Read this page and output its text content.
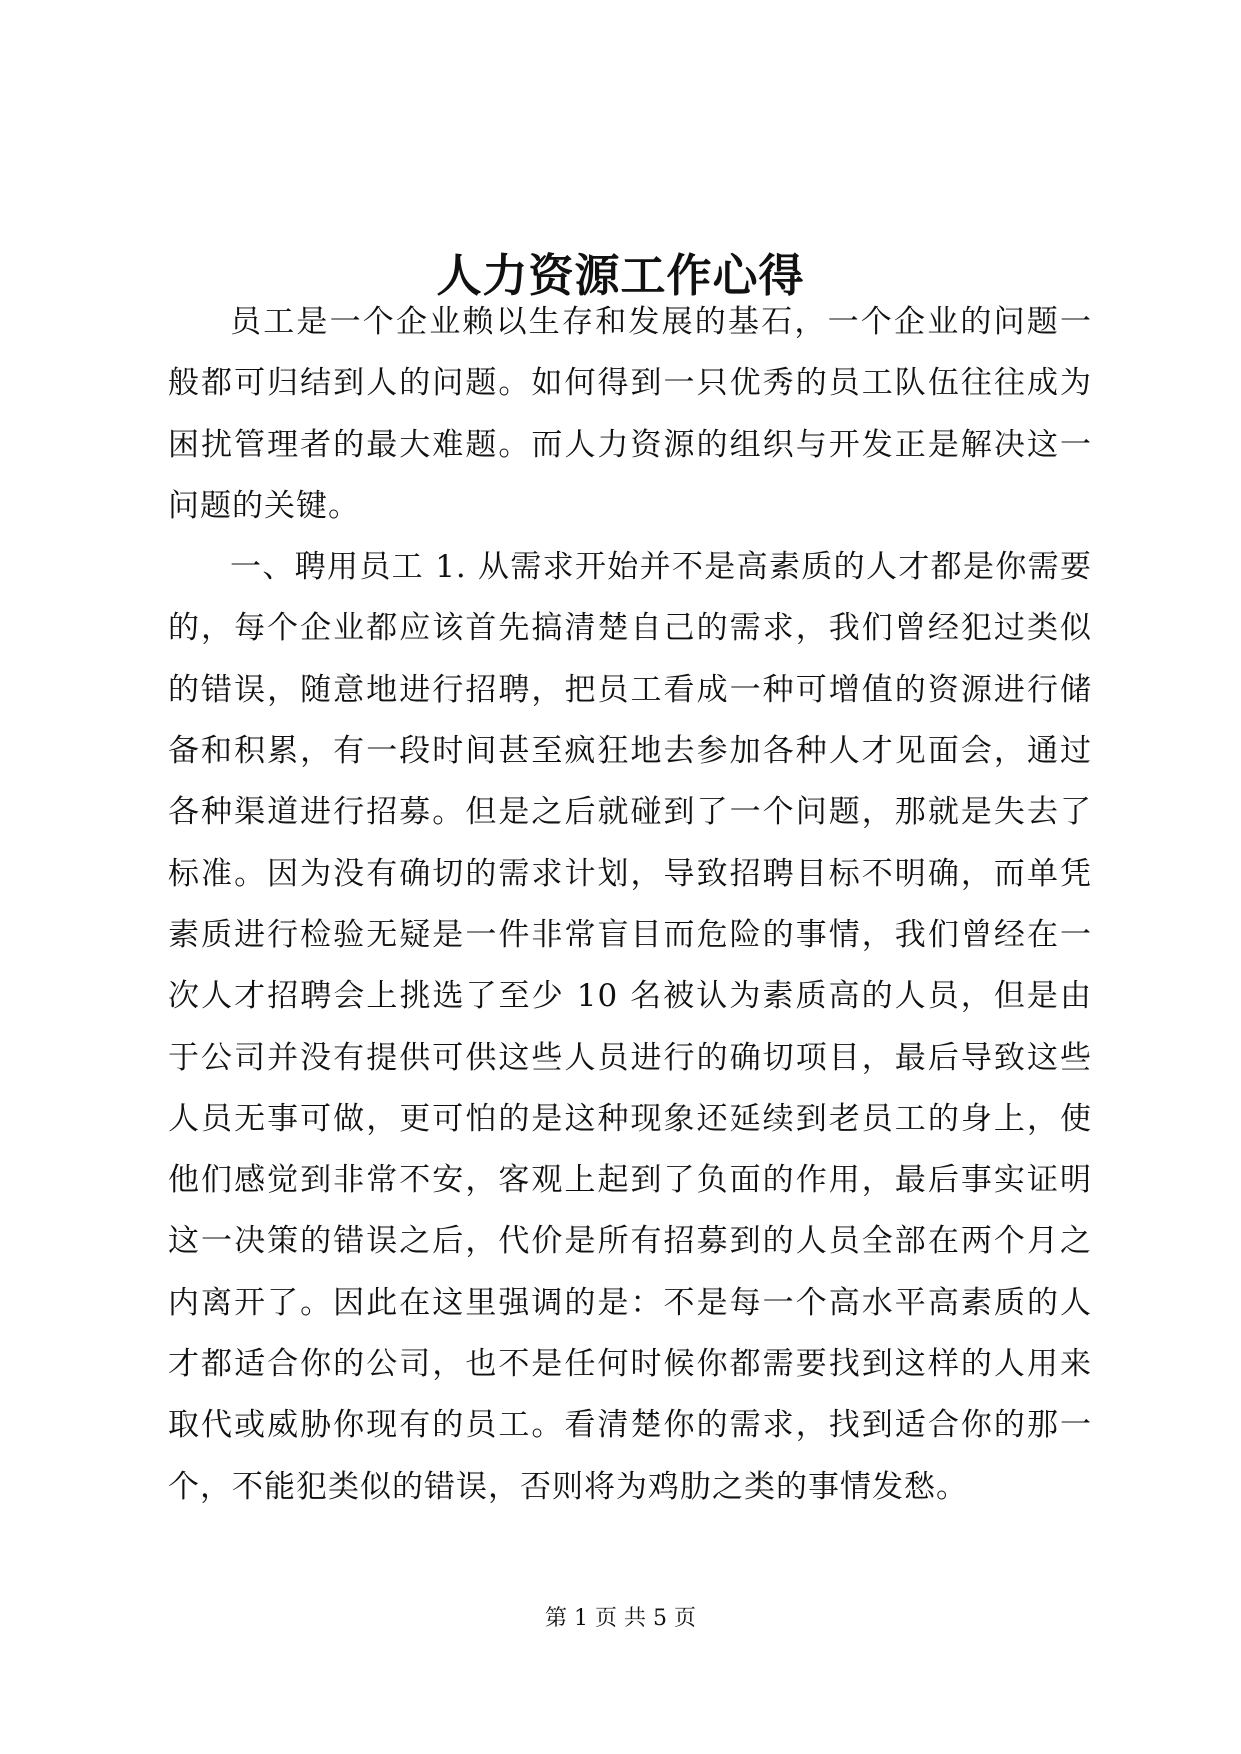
人力资源工作心得

员工是一个企业赖以生存和发展的基石，一个企业的问题一般都可归结到人的问题。如何得到一只优秀的员工队伍往往成为困扰管理者的最大难题。而人力资源的组织与开发正是解决这一问题的关键。

一、聘用员工 1. 从需求开始并不是高素质的人才都是你需要的，每个企业都应该首先搞清楚自己的需求，我们曾经犯过类似的错误，随意地进行招聘，把员工看成一种可增值的资源进行储备和积累，有一段时间甚至疯狂地去参加各种人才见面会，通过各种渠道进行招募。但是之后就碰到了一个问题，那就是失去了标准。因为没有确切的需求计划，导致招聘目标不明确，而单凭素质进行检验无疑是一件非常盲目而危险的事情，我们曾经在一次人才招聘会上挑选了至少 10 名被认为素质高的人员，但是由于公司并没有提供可供这些人员进行的确切项目，最后导致这些人员无事可做，更可怕的是这种现象还延续到老员工的身上，使他们感觉到非常不安，客观上起到了负面的作用，最后事实证明这一决策的错误之后，代价是所有招募到的人员全部在两个月之内离开了。因此在这里强调的是：不是每一个高水平高素质的人才都适合你的公司，也不是任何时候你都需要找到这样的人用来取代或威胁你现有的员工。看清楚你的需求，找到适合你的那一个，不能犯类似的错误，否则将为鸡肋之类的事情发愁。

第 1 页 共 5 页
